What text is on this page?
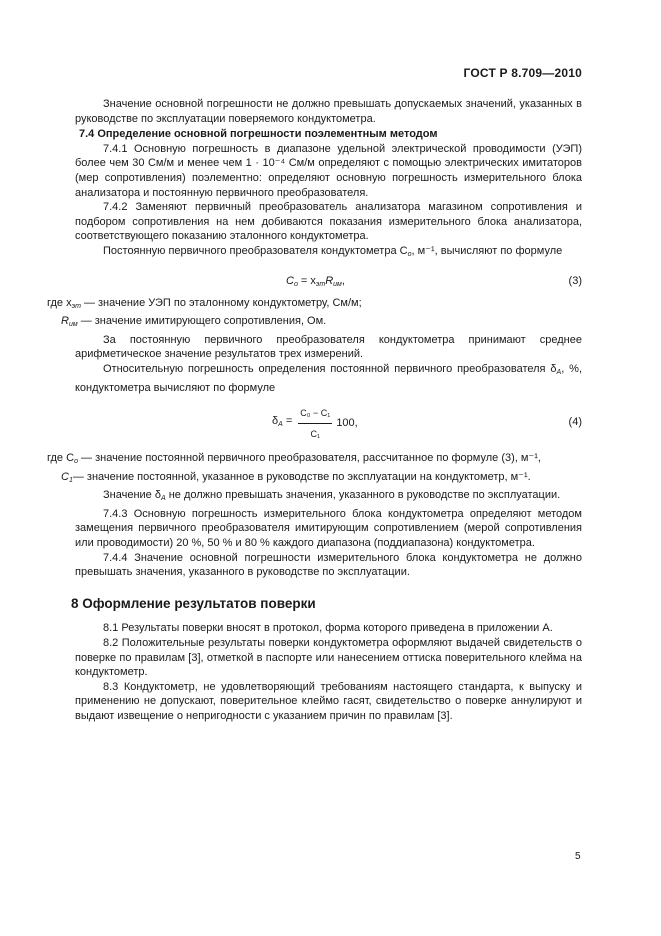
ГОСТ Р 8.709—2010

Значение основной погрешности не должно превышать допускаемых значений, указанных в руководстве по эксплуатации поверяемого кондуктометра.

7.4 Определение основной погрешности поэлементным методом

7.4.1 Основную погрешность в диапазоне удельной электрической проводимости (УЭП) более чем 30 См/м и менее чем 1 · 10⁻⁴ См/м определяют с помощью электрических имитаторов (мер сопротивления) поэлементно: определяют основную погрешность измерительного блока анализатора и постоянную первичного преобразователя.

7.4.2 Заменяют первичный преобразователь анализатора магазином сопротивления и подбором сопротивления на нем добиваются показания измерительного блока анализатора, соответствующего показанию эталонного кондуктометра.

Постоянную первичного преобразователя кондуктометра $C_o$, м⁻¹, вычисляют по формуле

$C_o = x_{эт}R_{им}$,	(3)

где $x_{эт}$ — значение УЭП по эталонному кондуктометру, См/м;

$R_{им}$ — значение имитирующего сопротивления, Ом.

За постоянную первичного преобразователя кондуктометра принимают среднее арифметическое значение результатов трех измерений.

Относительную погрешность определения постоянной первичного преобразователя $\delta_A$, %, кондуктометра вычисляют по формуле

$\delta_A = \frac{\text{C₀ − C₁}}{\text{C₁}} 100$,	(4)

где $C_o$ — значение постоянной первичного преобразователя, рассчитанное по формуле (3), м⁻¹,

$C_1—$ значение постоянной, указанное в руководстве по эксплуатации на кондуктометр, м⁻¹.

Значение $\delta_A$ не должно превышать значения, указанного в руководстве по эксплуатации.

7.4.3 Основную погрешность измерительного блока кондуктометра определяют методом замещения первичного преобразователя имитирующим сопротивлением (мерой сопротивления или проводимости) 20 %, 50 % и 80 % каждого диапазона (поддиапазона) кондуктометра.

7.4.4 Значение основной погрешности измерительного блока кондуктометра не должно превышать значения, указанного в руководстве по эксплуатации.

8 Оформление результатов поверки

8.1 Результаты поверки вносят в протокол, форма которого приведена в приложении А.

8.2 Положительные результаты поверки кондуктометра оформляют выдачей свидетельств о поверке по правилам [3], отметкой в паспорте или нанесением оттиска поверительного клейма на кондуктометр.

8.3 Кондуктометр, не удовлетворяющий требованиям настоящего стандарта, к выпуску и применению не допускают, поверительное клеймо гасят, свидетельство о поверке аннулируют и выдают извещение о непригодности с указанием причин по правилам [3].

5
